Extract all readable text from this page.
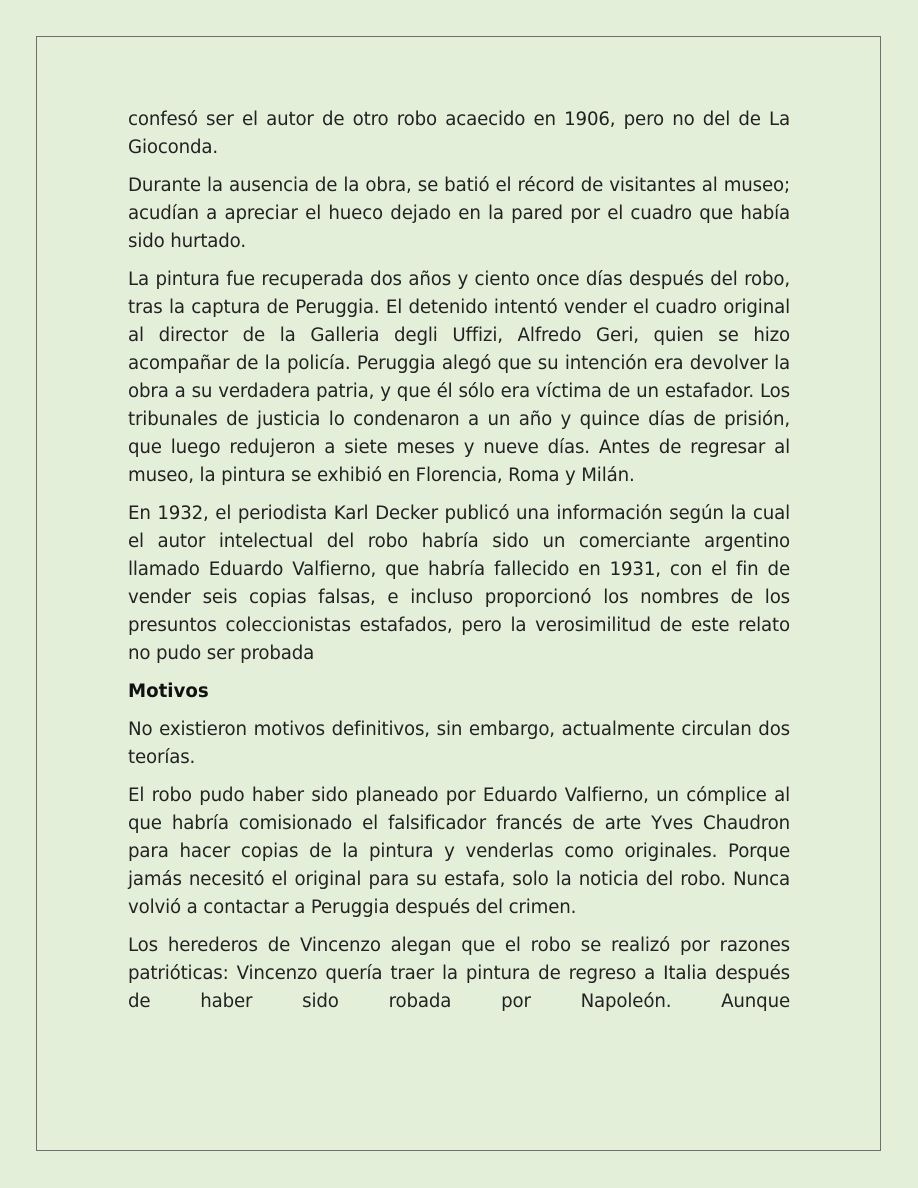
confesó ser el autor de otro robo acaecido en 1906, pero no del de La Gioconda.

Durante la ausencia de la obra, se batió el récord de visitantes al museo; acudían a apreciar el hueco dejado en la pared por el cuadro que había sido hurtado.

La pintura fue recuperada dos años y ciento once días después del robo, tras la captura de Peruggia. El detenido intentó vender el cuadro original al director de la Galleria degli Uffizi, Alfredo Geri, quien se hizo acompañar de la policía. Peruggia alegó que su intención era devolver la obra a su verdadera patria, y que él sólo era víctima de un estafador. Los tribunales de justicia lo condenaron a un año y quince días de prisión, que luego redujeron a siete meses y nueve días. Antes de regresar al museo, la pintura se exhibió en Florencia, Roma y Milán.

En 1932, el periodista Karl Decker publicó una información según la cual el autor intelectual del robo habría sido un comerciante argentino llamado Eduardo Valfierno, que habría fallecido en 1931, con el fin de vender seis copias falsas, e incluso proporcionó los nombres de los presuntos coleccionistas estafados, pero la verosimilitud de este relato no pudo ser probada

Motivos

No existieron motivos definitivos, sin embargo, actualmente circulan dos teorías.

El robo pudo haber sido planeado por Eduardo Valfierno, un cómplice al que habría comisionado el falsificador francés de arte Yves Chaudron para hacer copias de la pintura y venderlas como originales. Porque jamás necesitó el original para su estafa, solo la noticia del robo. Nunca volvió a contactar a Peruggia después del crimen.

Los herederos de Vincenzo alegan que el robo se realizó por razones patrióticas: Vincenzo quería traer la pintura de regreso a Italia después de haber sido robada por Napoleón. Aunque
